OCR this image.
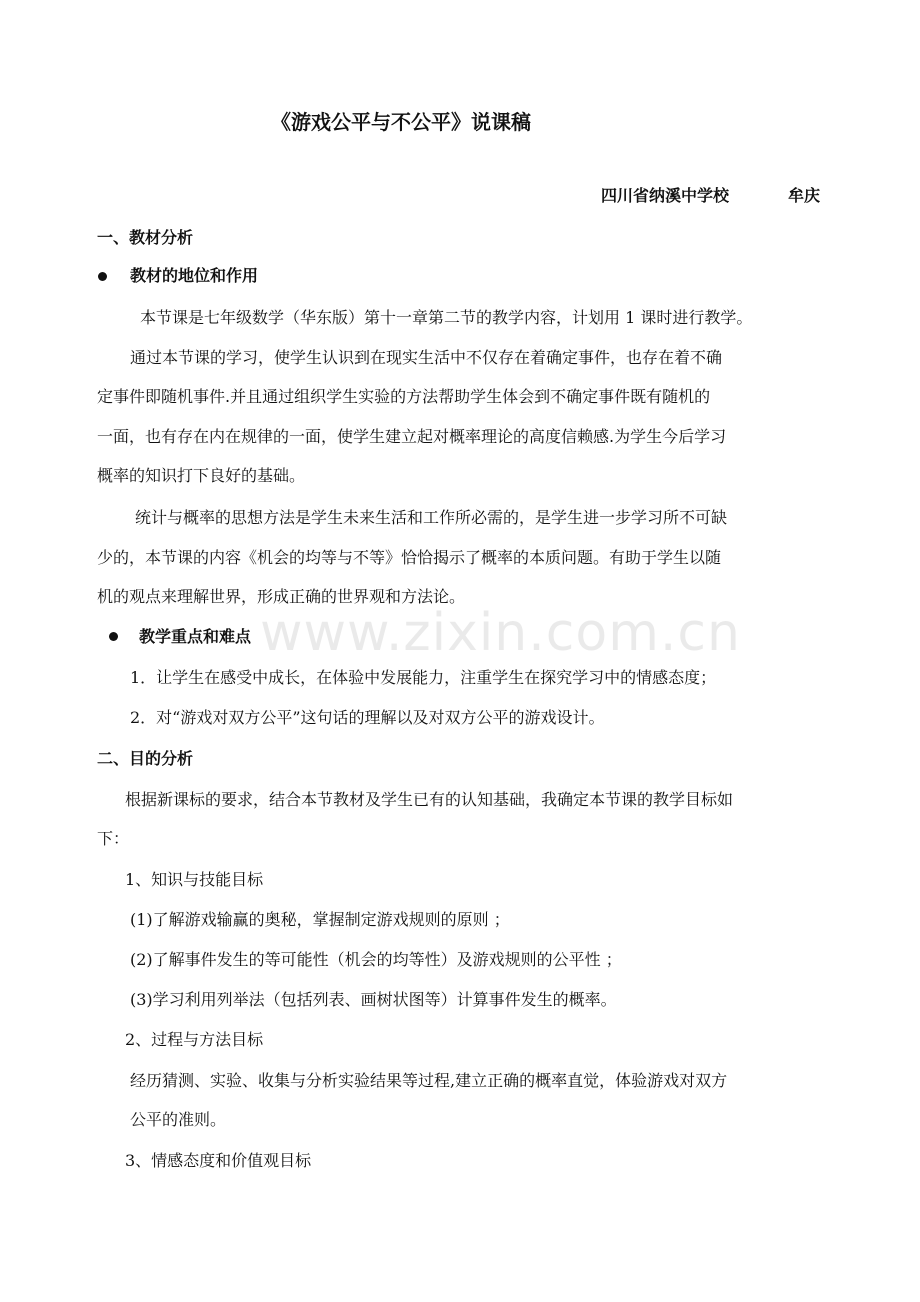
《游戏公平与不公平》说课稿
四川省纳溪中学校	牟庆
一、教材分析
教材的地位和作用
本节课是七年级数学（华东版）第十一章第二节的教学内容，计划用 1 课时进行教学。
通过本节课的学习，使学生认识到在现实生活中不仅存在着确定事件，也存在着不确
定事件即随机事件.并且通过组织学生实验的方法帮助学生体会到不确定事件既有随机的
一面，也有存在内在规律的一面，使学生建立起对概率理论的高度信赖感.为学生今后学习
概率的知识打下良好的基础。
统计与概率的思想方法是学生未来生活和工作所必需的，是学生进一步学习所不可缺
少的，本节课的内容《机会的均等与不等》恰恰揭示了概率的本质问题。有助于学生以随
机的观点来理解世界，形成正确的世界观和方法论。
www.zixin.com.cn
教学重点和难点
1．让学生在感受中成长，在体验中发展能力，注重学生在探究学习中的情感态度；
2．对“游戏对双方公平”这句话的理解以及对双方公平的游戏设计。
二、目的分析
根据新课标的要求，结合本节教材及学生已有的认知基础，我确定本节课的教学目标如
下：
1、知识与技能目标
(1)了解游戏输赢的奥秘，掌握制定游戏规则的原则 ；
(2)了解事件发生的等可能性（机会的均等性）及游戏规则的公平性 ；
(3)学习利用列举法（包括列表、画树状图等）计算事件发生的概率。
2、过程与方法目标
经历猜测、实验、收集与分析实验结果等过程,建立正确的概率直觉，体验游戏对双方
公平的准则。
3、情感态度和价值观目标
